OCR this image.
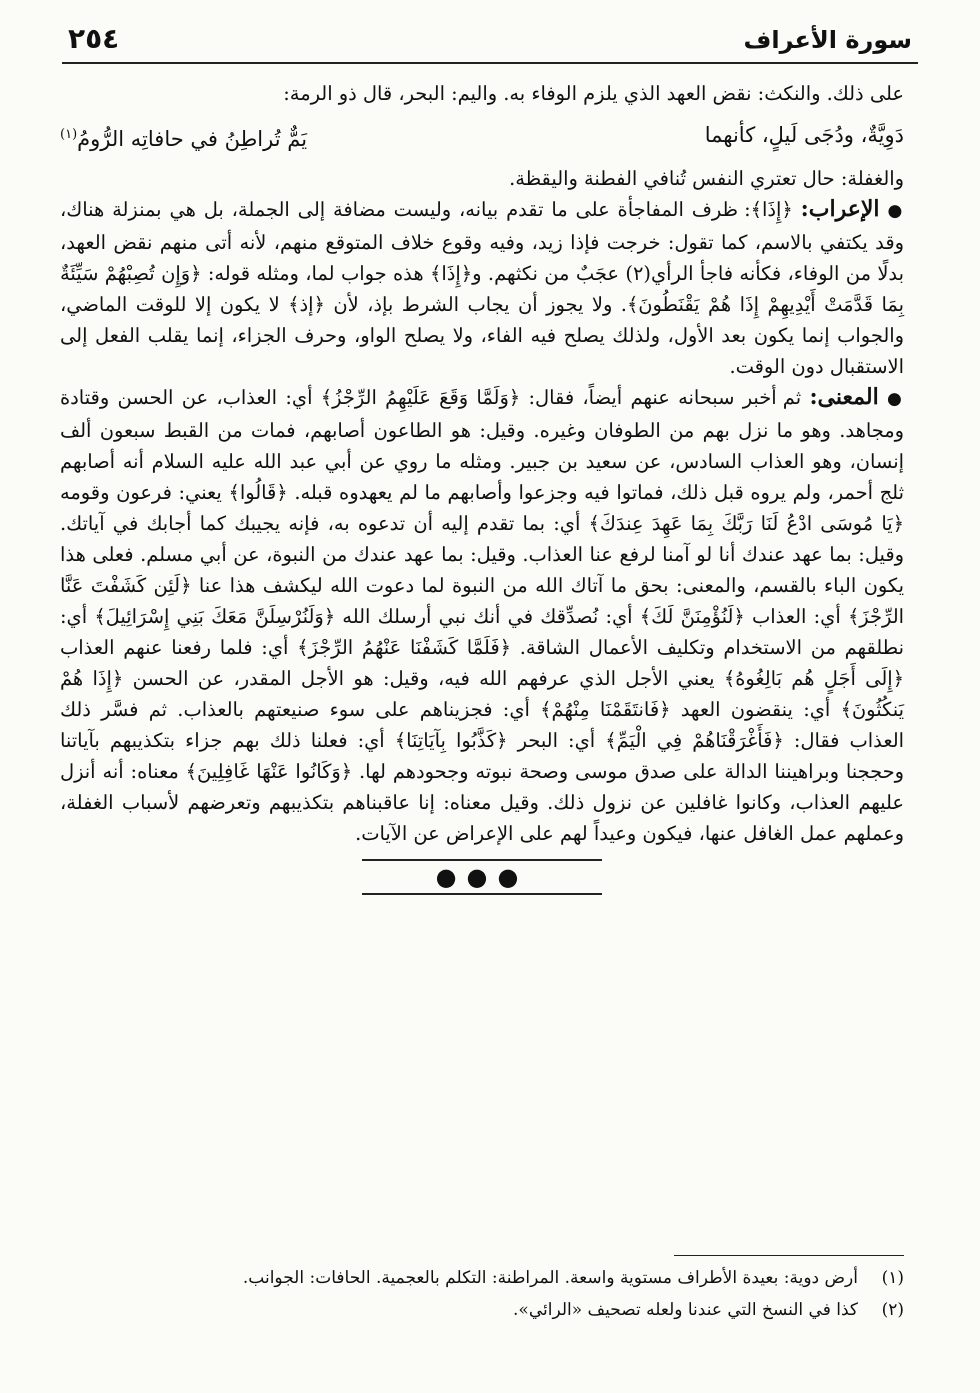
٢٥٤	سورة الأعراف

على ذلك. والنكث: نقض العهد الذي يلزم الوفاء به. واليم: البحر، قال ذو الرمة:

دَوِيَّةٌ، ودُجَى لَيلٍ، كأنهما
يَمٌّ تُراطِنُ في حافاتِه الرُّومُ$^{(١)}$

والغفلة: حال تعتري النفس تُنافي الفطنة واليقظة.

● الإعراب: ﴿إِذَا﴾: ظرف المفاجأة على ما تقدم بيانه، وليست مضافة إلى الجملة، بل هي بمنزلة هناك، وقد يكتفي بالاسم، كما تقول: خرجت فإذا زيد، وفيه وقوع خلاف المتوقع منهم، لأنه أتى منهم نقض العهد، بدلًا من الوفاء، فكأنه فاجأ الرأي(٢) عجَبٌ من نكثهم. و﴿إِذَا﴾ هذه جواب لما، ومثله قوله: ﴿وَإِن تُصِبْهُمْ سَيِّئَةٌ بِمَا قَدَّمَتْ أَيْدِيهِمْ إِذَا هُمْ يَقْنَطُونَ﴾. ولا يجوز أن يجاب الشرط بإذ، لأن ﴿إذ﴾ لا يكون إلا للوقت الماضي، والجواب إنما يكون بعد الأول، ولذلك يصلح فيه الفاء، ولا يصلح الواو، وحرف الجزاء، إنما يقلب الفعل إلى الاستقبال دون الوقت.

● المعنى: ثم أخبر سبحانه عنهم أيضاً، فقال: ﴿وَلَمَّا وَقَعَ عَلَيْهِمُ الرِّجْزُ﴾ أي: العذاب، عن الحسن وقتادة ومجاهد. وهو ما نزل بهم من الطوفان وغيره. وقيل: هو الطاعون أصابهم، فمات من القبط سبعون ألف إنسان، وهو العذاب السادس، عن سعيد بن جبير. ومثله ما روي عن أبي عبد الله عليه السلام أنه أصابهم ثلج أحمر، ولم يروه قبل ذلك، فماتوا فيه وجزعوا وأصابهم ما لم يعهدوه قبله. ﴿قَالُوا﴾ يعني: فرعون وقومه ﴿يَا مُوسَى ادْعُ لَنَا رَبَّكَ بِمَا عَهِدَ عِندَكَ﴾ أي: بما تقدم إليه أن تدعوه به، فإنه يجيبك كما أجابك في آياتك. وقيل: بما عهد عندك أنا لو آمنا لرفع عنا العذاب. وقيل: بما عهد عندك من النبوة، عن أبي مسلم. فعلى هذا يكون الباء بالقسم، والمعنى: بحق ما آتاك الله من النبوة لما دعوت الله ليكشف هذا عنا ﴿لَئِن كَشَفْتَ عَنَّا الرِّجْزَ﴾ أي: العذاب ﴿لَنُؤْمِنَنَّ لَكَ﴾ أي: نُصدِّقك في أنك نبي أرسلك الله ﴿وَلَنُرْسِلَنَّ مَعَكَ بَنِي إِسْرَائِيلَ﴾ أي: نطلقهم من الاستخدام وتكليف الأعمال الشاقة. ﴿فَلَمَّا كَشَفْنَا عَنْهُمُ الرِّجْزَ﴾ أي: فلما رفعنا عنهم العذاب ﴿إِلَى أَجَلٍ هُم بَالِغُوهُ﴾ يعني الأجل الذي عرفهم الله فيه، وقيل: هو الأجل المقدر، عن الحسن ﴿إِذَا هُمْ يَنكُثُونَ﴾ أي: ينقضون العهد ﴿فَانتَقَمْنَا مِنْهُمْ﴾ أي: فجزيناهم على سوء صنيعتهم بالعذاب. ثم فسَّر ذلك العذاب فقال: ﴿فَأَغْرَقْنَاهُمْ فِي الْيَمِّ﴾ أي: البحر ﴿كَذَّبُوا بِآيَاتِنَا﴾ أي: فعلنا ذلك بهم جزاء بتكذيبهم بآياتنا وحججنا وبراهيننا الدالة على صدق موسى وصحة نبوته وجحودهم لها. ﴿وَكَانُوا عَنْهَا غَافِلِينَ﴾ معناه: أنه أنزل عليهم العذاب، وكانوا غافلين عن نزول ذلك. وقيل معناه: إنا عاقبناهم بتكذيبهم وتعرضهم لأسباب الغفلة، وعملهم عمل الغافل عنها، فيكون وعيداً لهم على الإعراض عن الآيات.

●●●
(١)
أرض دوية: بعيدة الأطراف مستوية واسعة. المراطنة: التكلم بالعجمية. الحافات: الجوانب.
(٢)
كذا في النسخ التي عندنا ولعله تصحيف «الرائي».
